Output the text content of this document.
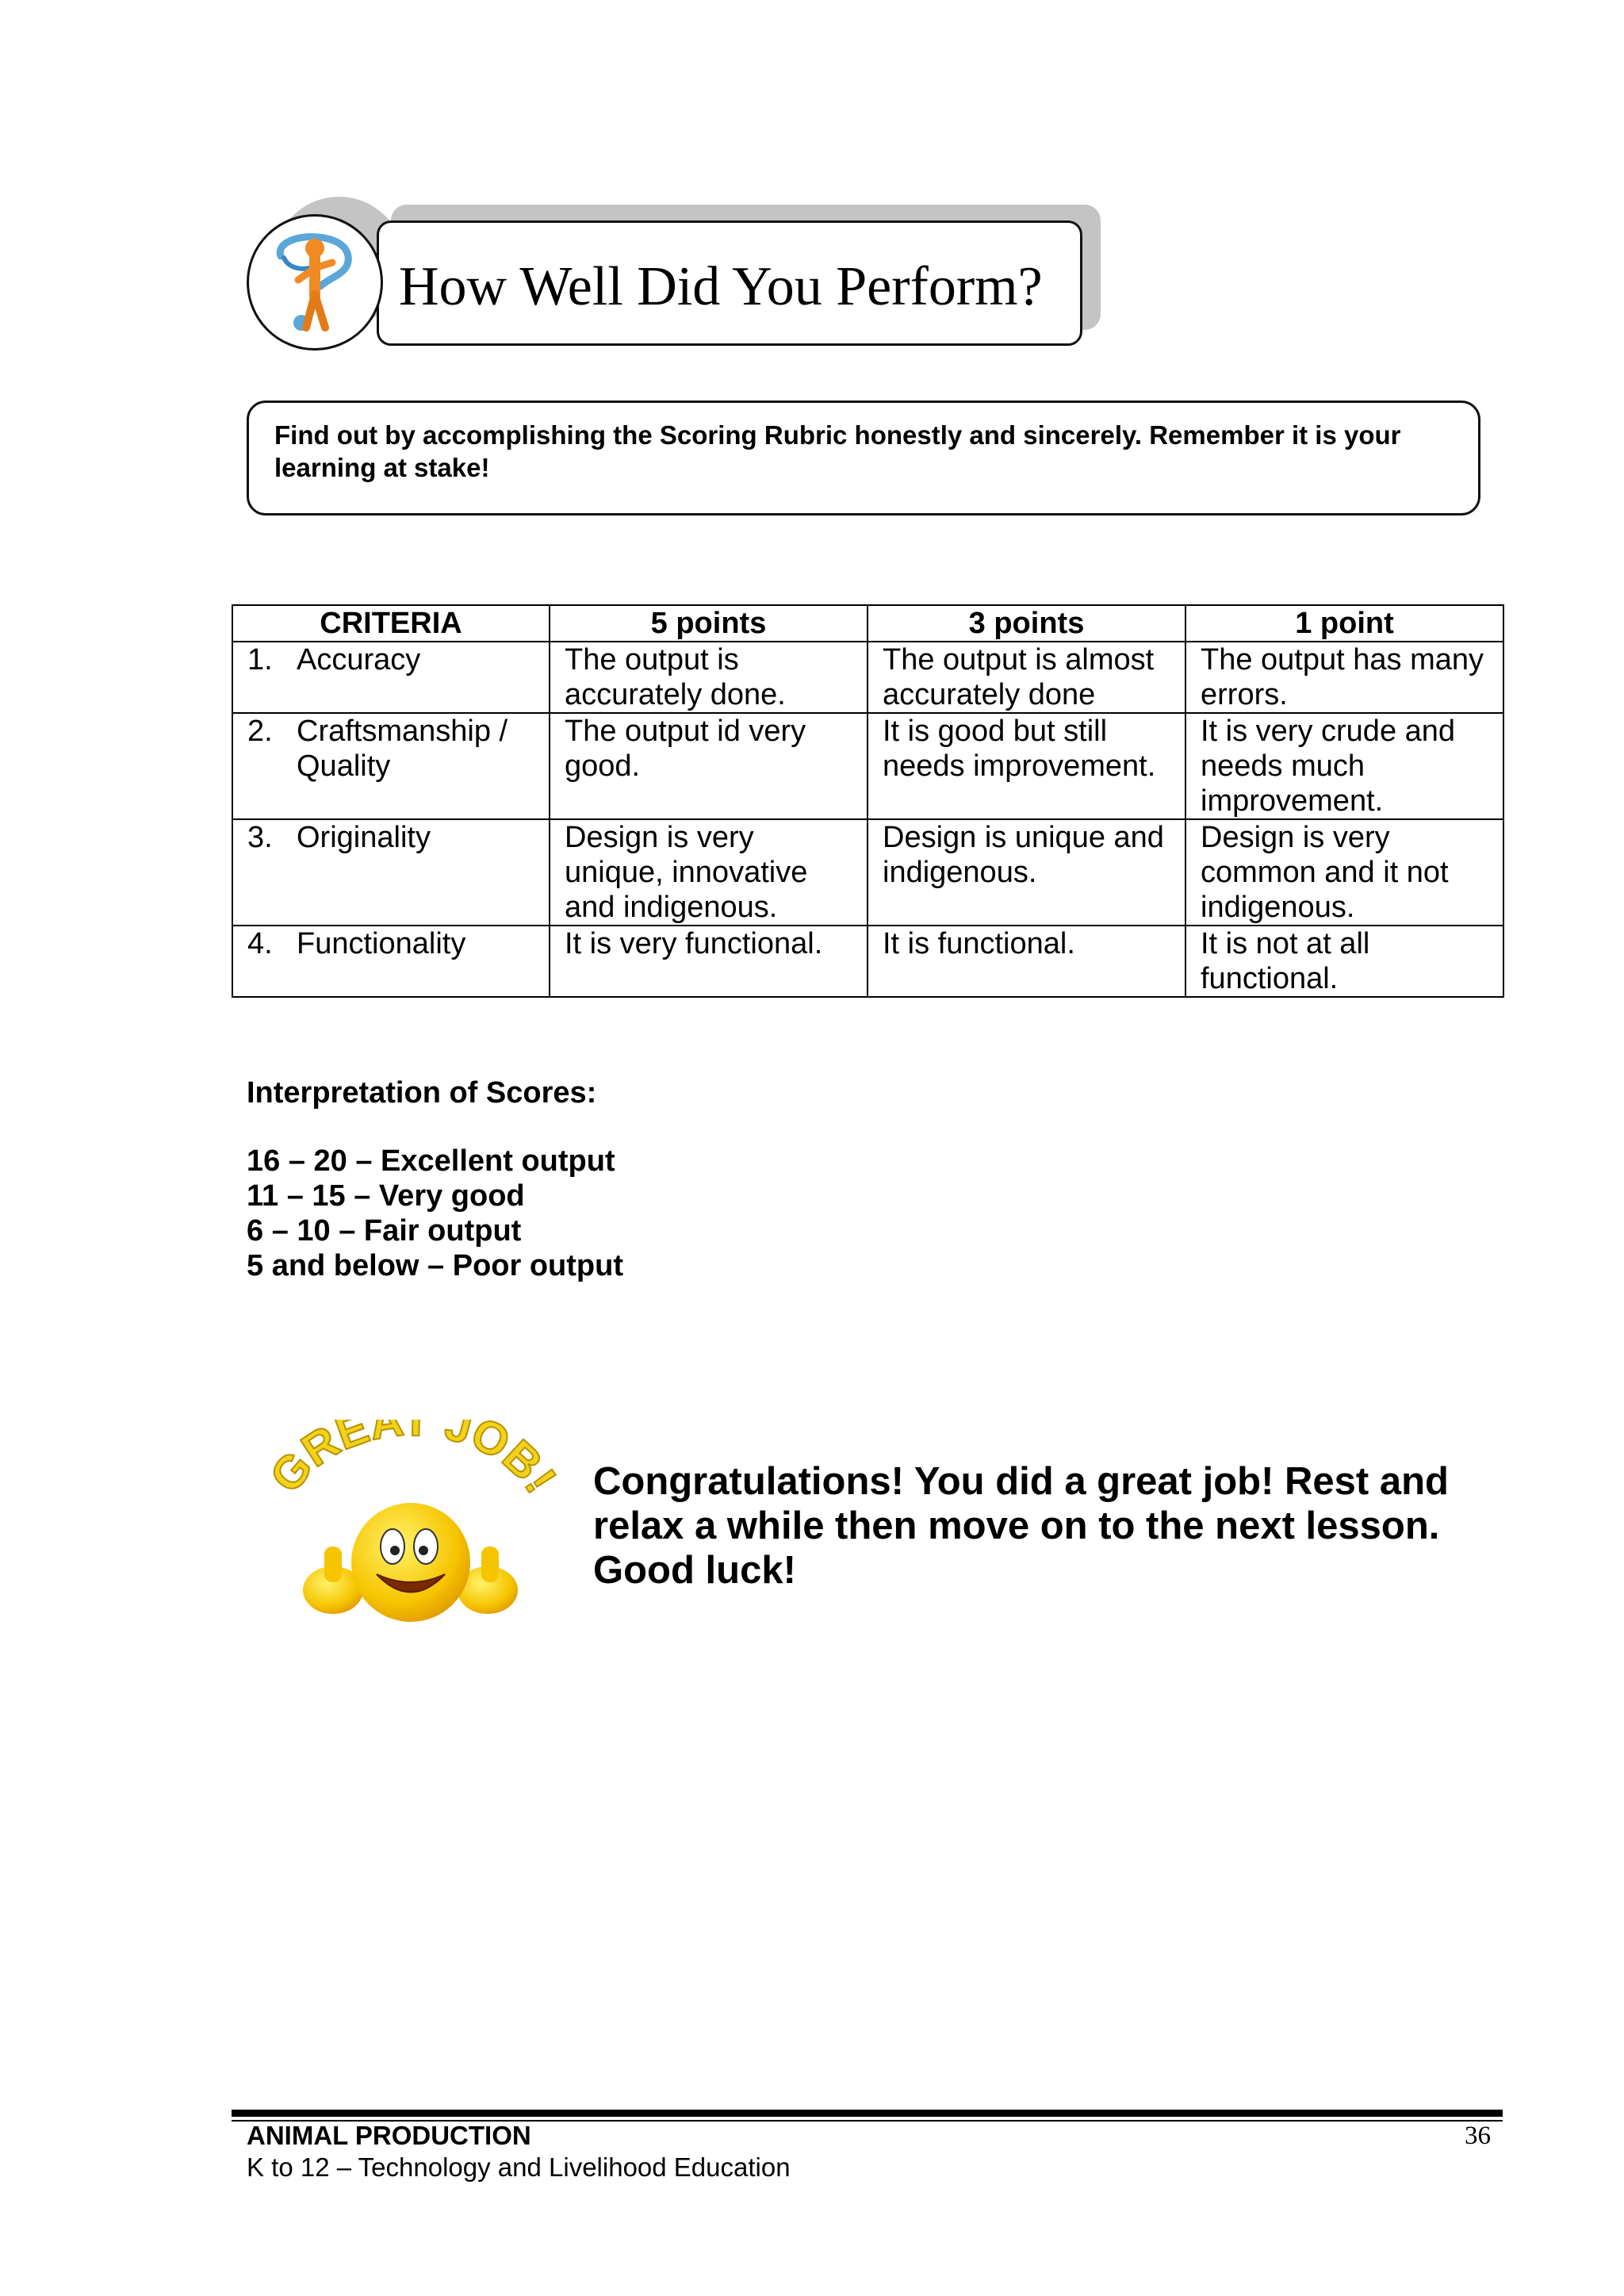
How Well Did You Perform?
Find out by accomplishing the Scoring Rubric honestly and sincerely. Remember it is your learning at stake!
CRITERIA	5 points	3 points	1 point
1. Accuracy	The output is accurately done.	The output is almost accurately done	The output has many errors.
2. Craftsmanship / Quality	The output id very good.	It is good but still needs improvement.	It is very crude and needs much improvement.
3. Originality	Design is very unique, innovative and indigenous.	Design is unique and indigenous.	Design is very common and it not indigenous.
4. Functionality	It is very functional.	It is functional.	It is not at all functional.
Interpretation of Scores:
16 – 20 – Excellent output
11 – 15 – Very good
6 – 10 – Fair output
5 and below – Poor output
GREAT JOB! Congratulations! You did a great job! Rest and relax a while then move on to the next lesson. Good luck!
ANIMAL PRODUCTION
K to 12 – Technology and Livelihood Education
36
